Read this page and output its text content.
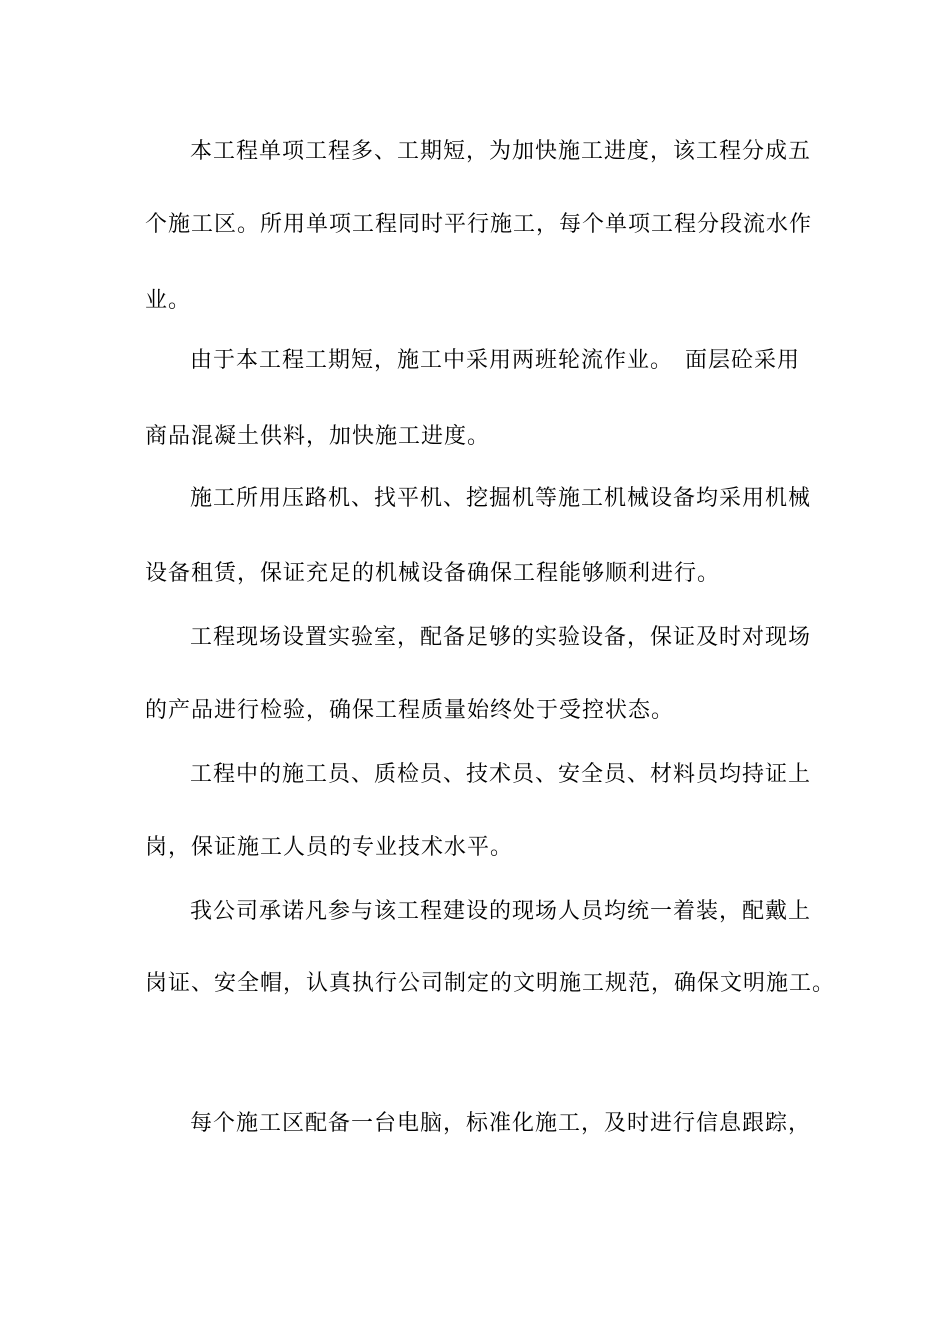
本工程单项工程多、工期短，为加快施工进度，该工程分成五
个施工区。所用单项工程同时平行施工，每个单项工程分段流水作
业。
由于本工程工期短，施工中采用两班轮流作业。　面层砼采用
商品混凝土供料，加快施工进度。
施工所用压路机、找平机、挖掘机等施工机械设备均采用机械
设备租赁，保证充足的机械设备确保工程能够顺利进行。
工程现场设置实验室，配备足够的实验设备，保证及时对现场
的产品进行检验，确保工程质量始终处于受控状态。
工程中的施工员、质检员、技术员、安全员、材料员均持证上
岗，保证施工人员的专业技术水平。
我公司承诺凡参与该工程建设的现场人员均统一着装，配戴上
岗证、安全帽，认真执行公司制定的文明施工规范，确保文明施工。
每个施工区配备一台电脑，标准化施工，及时进行信息跟踪，
